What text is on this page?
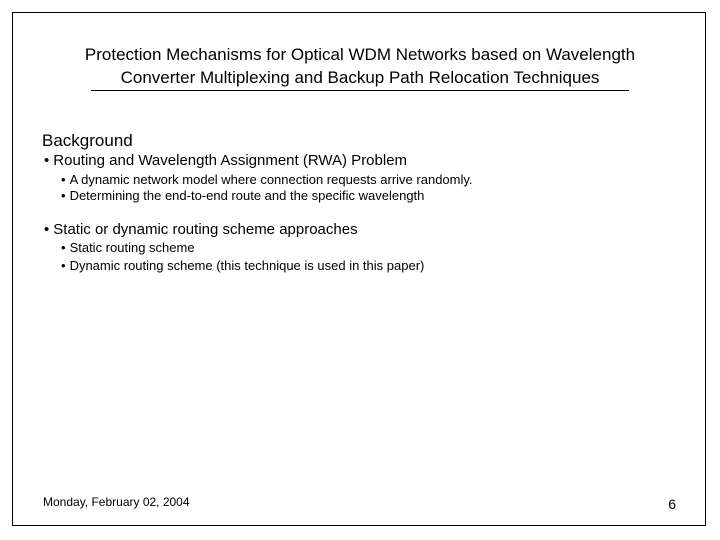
Protection Mechanisms for Optical WDM Networks based on Wavelength
Converter Multiplexing and Backup Path Relocation Techniques
Background
• Routing and Wavelength Assignment (RWA) Problem
• A dynamic network model where connection requests arrive randomly.
• Determining the end-to-end route and the specific wavelength
• Static or dynamic routing scheme approaches
• Static routing scheme
• Dynamic routing scheme (this technique is used in this paper)
Monday, February 02, 2004	6
